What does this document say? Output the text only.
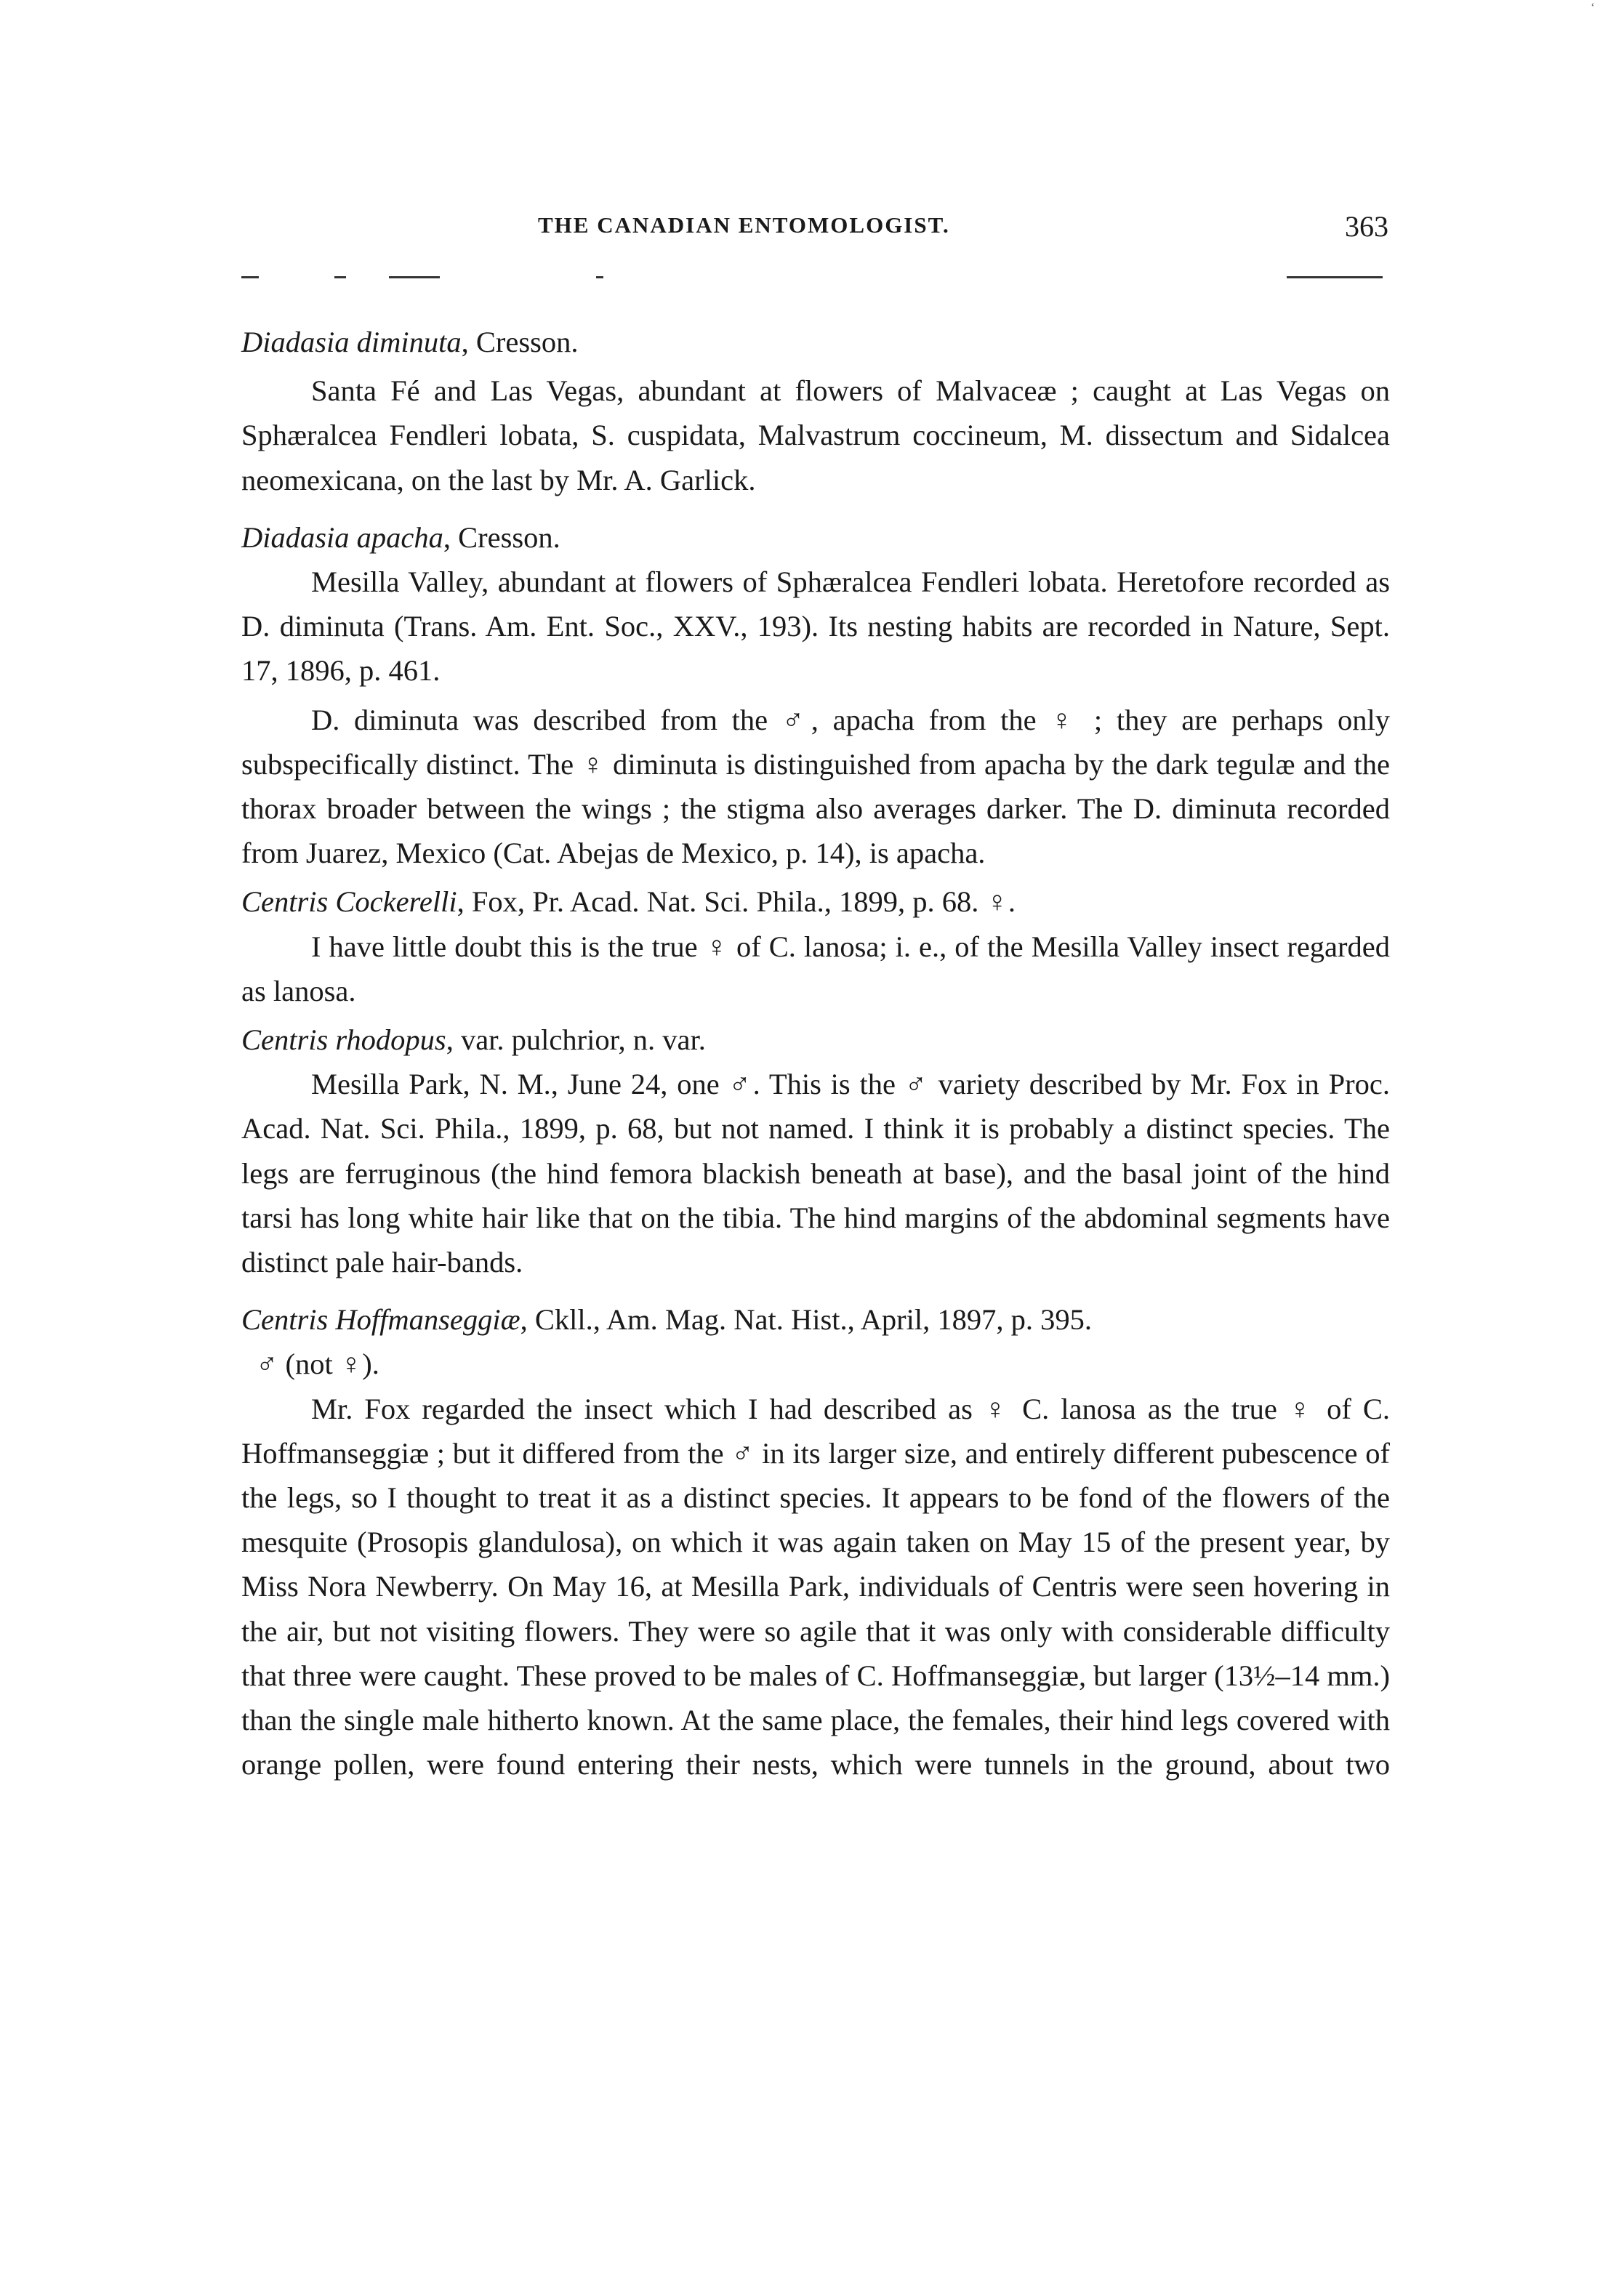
‘
THE CANADIAN ENTOMOLOGIST.	363

Diadasia diminuta, Cresson.

Santa Fé and Las Vegas, abundant at flowers of Malvaceæ ; caught at Las Vegas on Sphæralcea Fendleri lobata, S. cuspidata, Malvastrum coccineum, M. dissectum and Sidalcea neomexicana, on the last by Mr. A. Garlick.

Diadasia apacha, Cresson.

Mesilla Valley, abundant at flowers of Sphæralcea Fendleri lobata. Heretofore recorded as D. diminuta (Trans. Am. Ent. Soc., XXV., 193). Its nesting habits are recorded in Nature, Sept. 17, 1896, p. 461.

D. diminuta was described from the ♂, apacha from the ♀ ; they are perhaps only subspecifically distinct. The ♀ diminuta is distinguished from apacha by the dark tegulæ and the thorax broader between the wings ; the stigma also averages darker. The D. diminuta recorded from Juarez, Mexico (Cat. Abejas de Mexico, p. 14), is apacha.

Centris Cockerelli, Fox, Pr. Acad. Nat. Sci. Phila., 1899, p. 68. ♀.

I have little doubt this is the true ♀ of C. lanosa; i. e., of the Mesilla Valley insect regarded as lanosa.

Centris rhodopus, var. pulchrior, n. var.

Mesilla Park, N. M., June 24, one ♂. This is the ♂ variety described by Mr. Fox in Proc. Acad. Nat. Sci. Phila., 1899, p. 68, but not named. I think it is probably a distinct species. The legs are ferruginous (the hind femora blackish beneath at base), and the basal joint of the hind tarsi has long white hair like that on the tibia. The hind margins of the abdominal segments have distinct pale hair-bands.

Centris Hoffmanseggiæ, Ckll., Am. Mag. Nat. Hist., April, 1897, p. 395.

♂ (not ♀).

Mr. Fox regarded the insect which I had described as ♀ C. lanosa as the true ♀ of C. Hoffmanseggiæ ; but it differed from the ♂ in its larger size, and entirely different pubescence of the legs, so I thought to treat it as a distinct species. It appears to be fond of the flowers of the mesquite (Prosopis glandulosa), on which it was again taken on May 15 of the present year, by Miss Nora Newberry. On May 16, at Mesilla Park, individuals of Centris were seen hovering in the air, but not visiting flowers. They were so agile that it was only with considerable difficulty that three were caught. These proved to be males of C. Hoffmanseggiæ, but larger (13½–14 mm.) than the single male hitherto known. At the same place, the females, their hind legs covered with orange pollen, were found entering their nests, which were tunnels in the ground, about two
